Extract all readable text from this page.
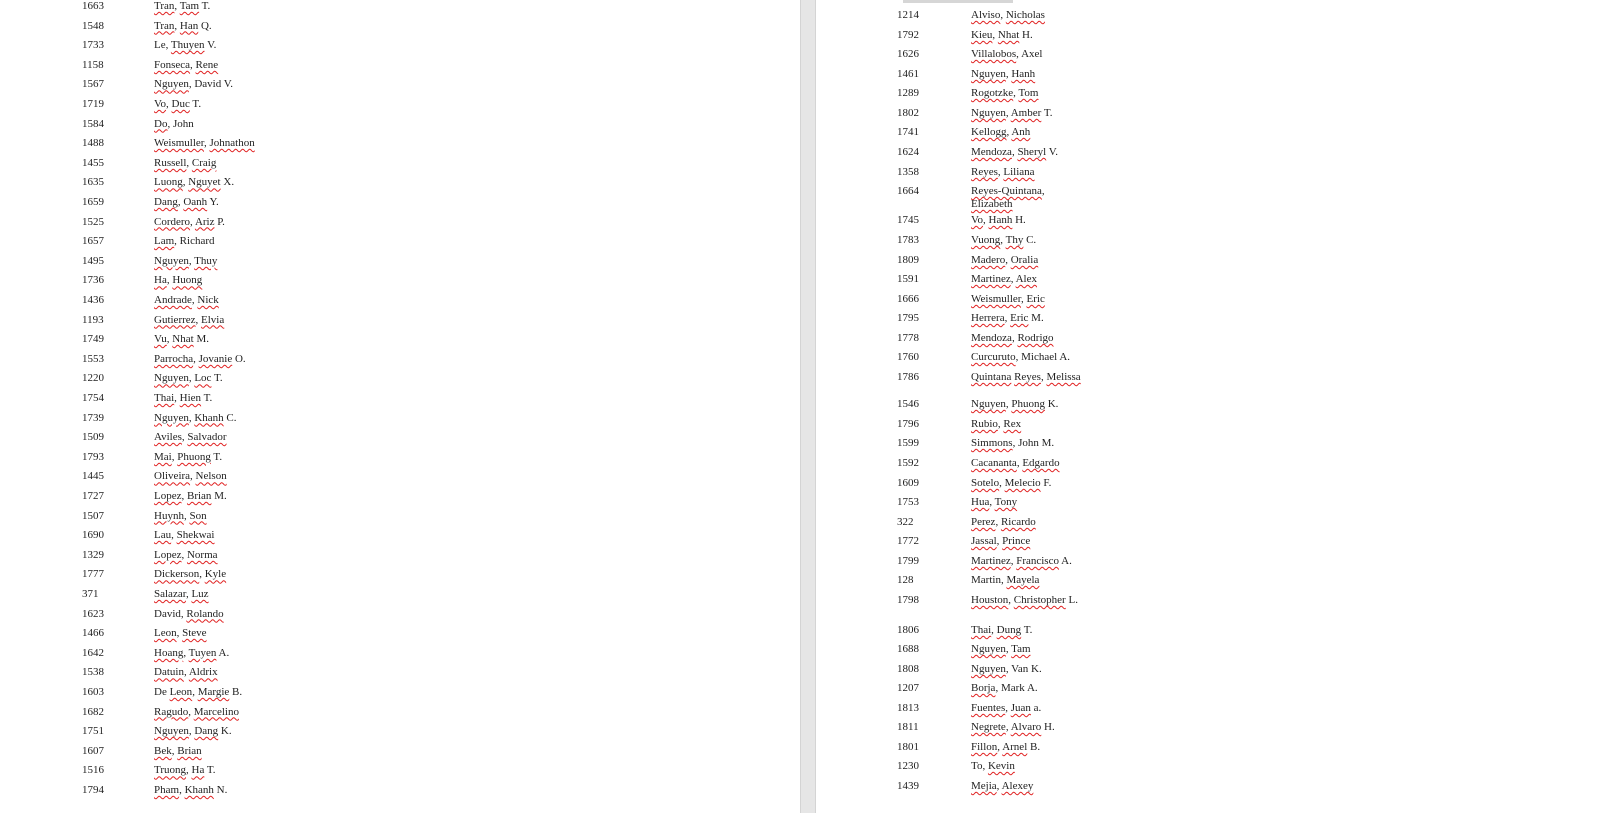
1663	Tran, Tam T.
1548	Tran, Han Q.
1733	Le, Thuyen V.
1158	Fonseca, Rene
1567	Nguyen, David V.
1719	Vo, Duc T.
1584	Do, John
1488	Weismuller, Johnathon
1455	Russell, Craig
1635	Luong, Nguyet X.
1659	Dang, Oanh Y.
1525	Cordero, Ariz P.
1657	Lam, Richard
1495	Nguyen, Thuy
1736	Ha, Huong
1436	Andrade, Nick
1193	Gutierrez, Elvia
1749	Vu, Nhat M.
1553	Parrocha, Jovanie O.
1220	Nguyen, Loc T.
1754	Thai, Hien T.
1739	Nguyen, Khanh C.
1509	Aviles, Salvador
1793	Mai, Phuong T.
1445	Oliveira, Nelson
1727	Lopez, Brian M.
1507	Huynh, Son
1690	Lau, Shekwai
1329	Lopez, Norma
1777	Dickerson, Kyle
371	Salazar, Luz
1623	David, Rolando
1466	Leon, Steve
1642	Hoang, Tuyen A.
1538	Datuin, Aldrix
1603	De Leon, Margie B.
1682	Ragudo, Marcelino
1751	Nguyen, Dang K.
1607	Bek, Brian
1516	Truong, Ha T.
1794	Pham, Khanh N.
1214	Alviso, Nicholas
1792	Kieu, Nhat H.
1626	Villalobos, Axel
1461	Nguyen, Hanh
1289	Rogotzke, Tom
1802	Nguyen, Amber T.
1741	Kellogg, Anh
1624	Mendoza, Sheryl V.
1358	Reyes, Liliana
1664	Reyes-Quintana, Elizabeth
1745	Vo, Hanh H.
1783	Vuong, Thy C.
1809	Madero, Oralia
1591	Martinez, Alex
1666	Weismuller, Eric
1795	Herrera, Eric M.
1778	Mendoza, Rodrigo
1760	Curcuruto, Michael A.
1786	Quintana Reyes, Melissa
1546	Nguyen, Phuong K.
1796	Rubio, Rex
1599	Simmons, John M.
1592	Cacananta, Edgardo
1609	Sotelo, Melecio F.
1753	Hua, Tony
322	Perez, Ricardo
1772	Jassal, Prince
1799	Martinez, Francisco A.
128	Martin, Mayela
1798	Houston, Christopher L.
1806	Thai, Dung T.
1688	Nguyen, Tam
1808	Nguyen, Van K.
1207	Borja, Mark A.
1813	Fuentes, Juan a.
1811	Negrete, Alvaro H.
1801	Fillon, Arnel B.
1230	To, Kevin
1439	Mejia, Alexey
